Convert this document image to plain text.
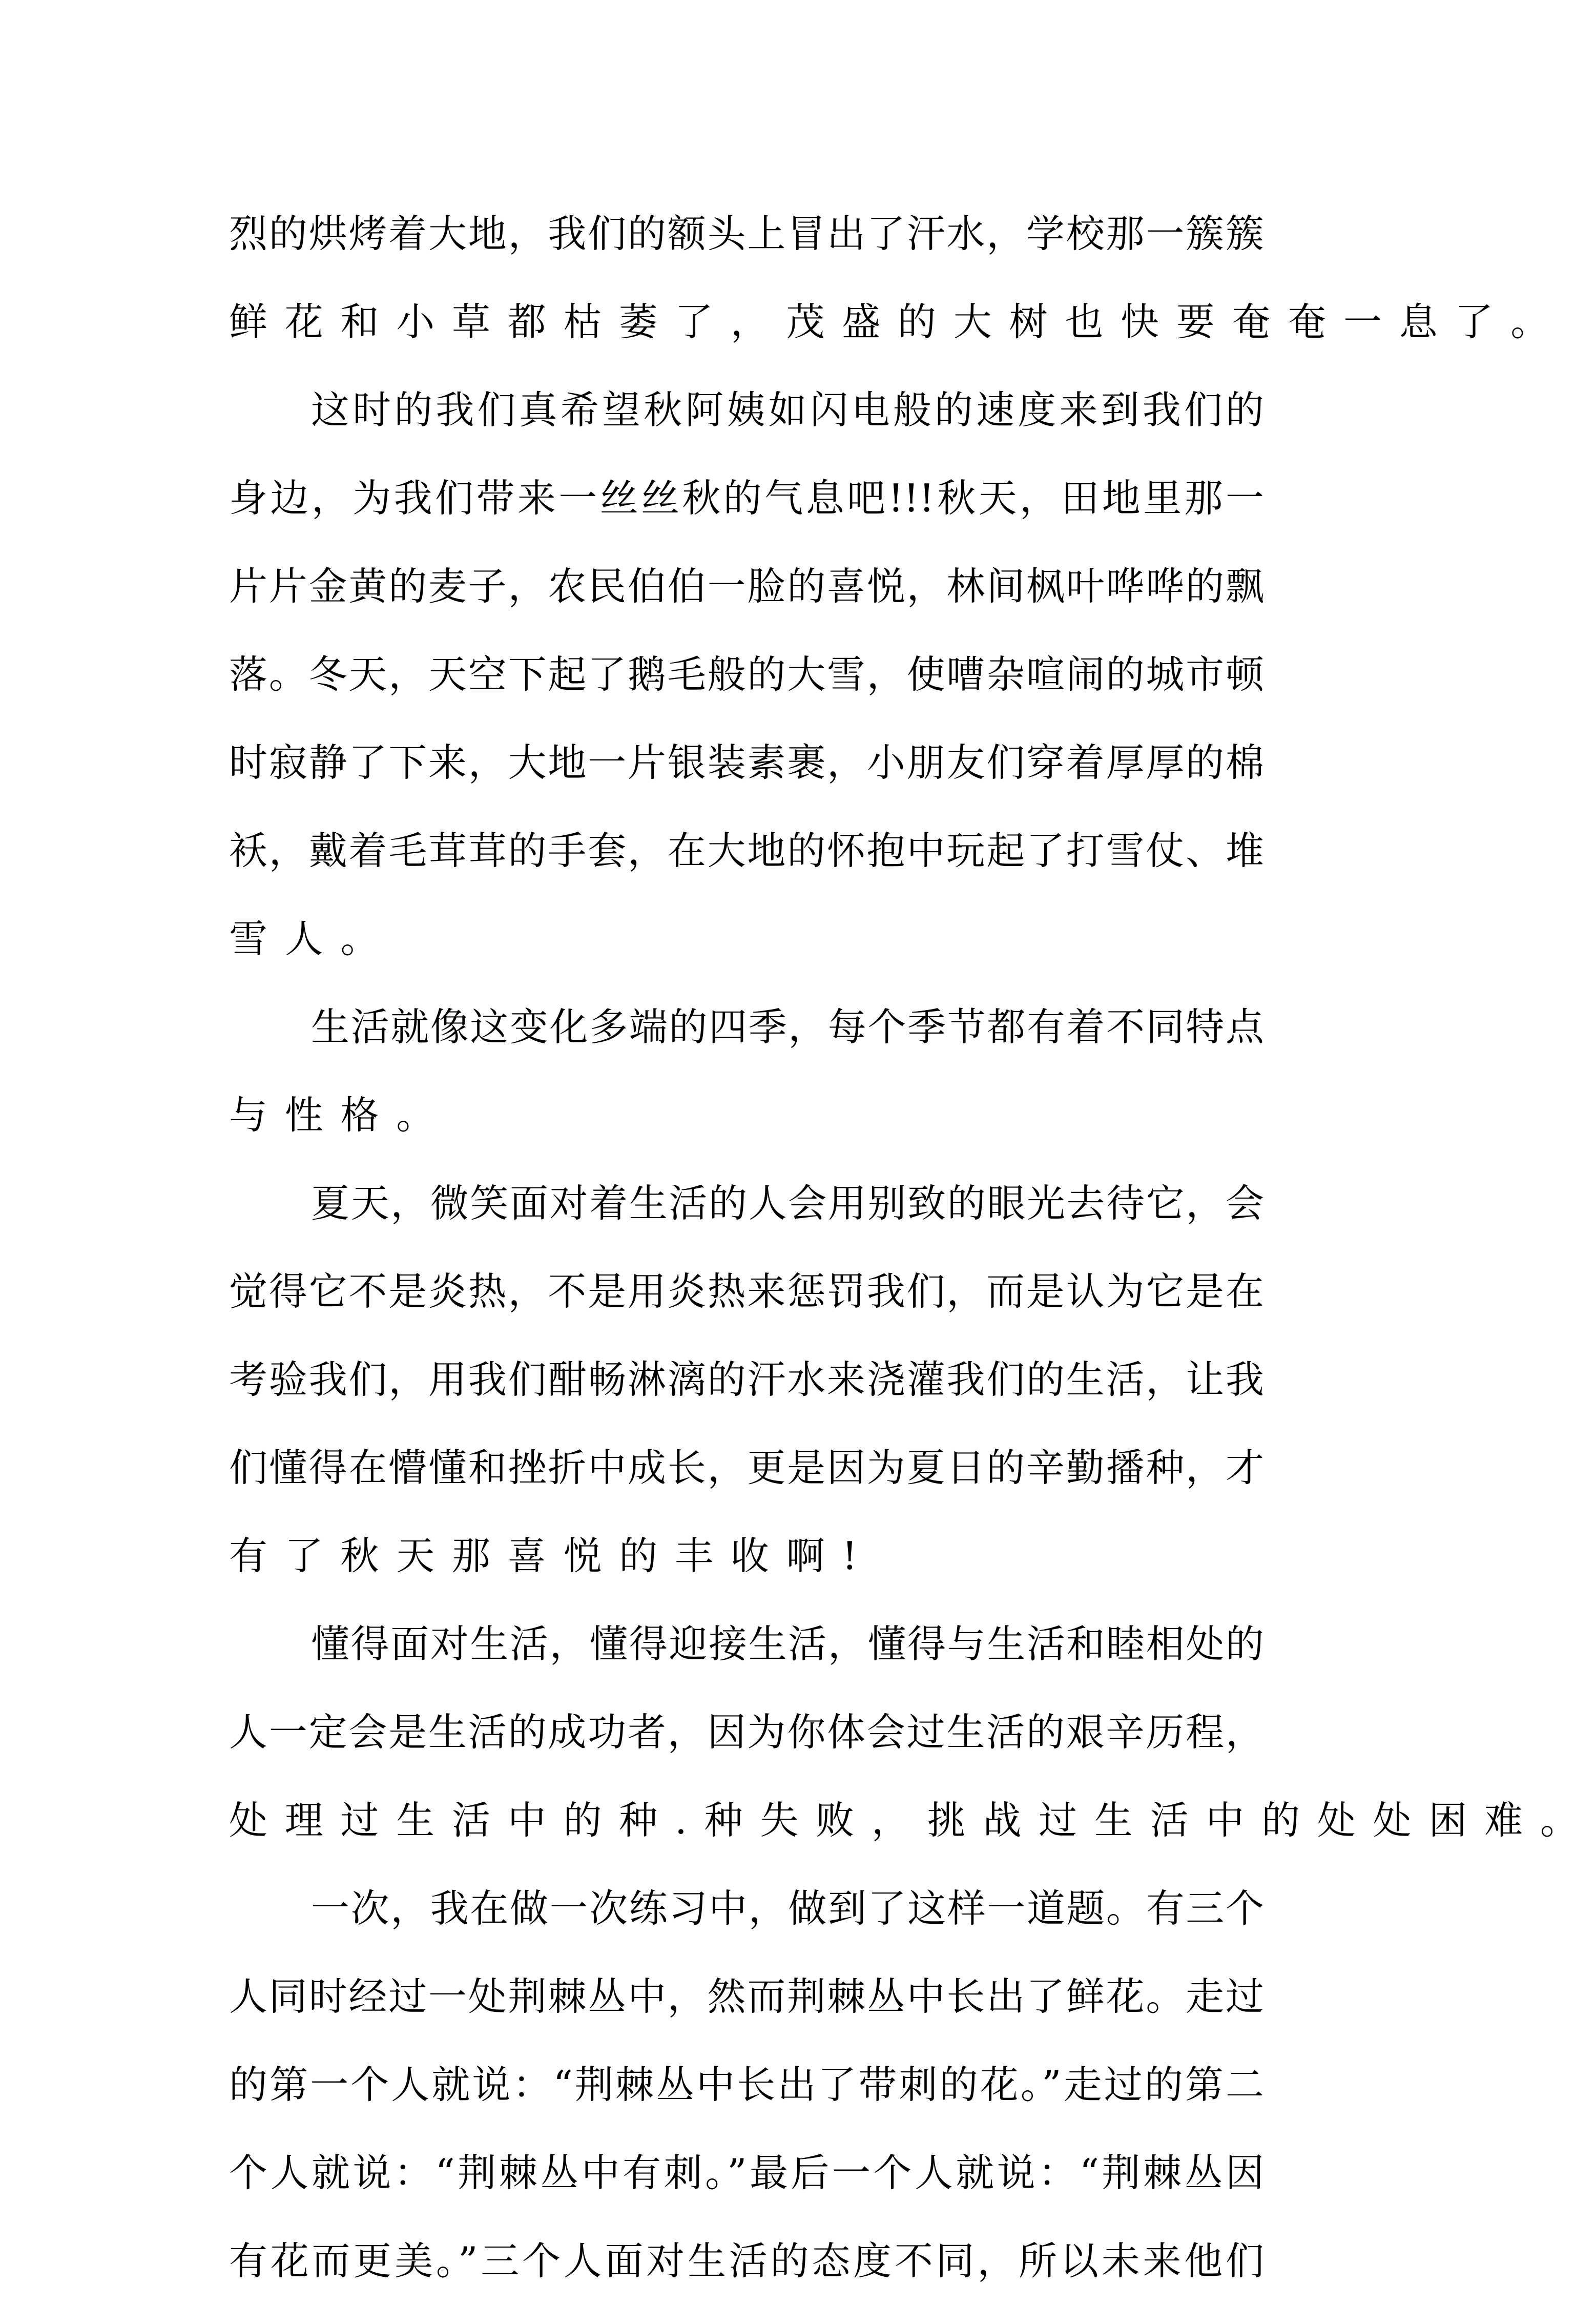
烈的烘烤着大地，我们的额头上冒出了汗水，学校那一簇簇
鲜花和小草都枯萎了，茂盛的大树也快要奄奄一息了。
这时的我们真希望秋阿姨如闪电般的速度来到我们的
身边，为我们带来一丝丝秋的气息吧!!!秋天，田地里那一
片片金黄的麦子，农民伯伯一脸的喜悦，林间枫叶哗哗的飘
落。冬天，天空下起了鹅毛般的大雪，使嘈杂喧闹的城市顿
时寂静了下来，大地一片银装素裹，小朋友们穿着厚厚的棉
袄，戴着毛茸茸的手套，在大地的怀抱中玩起了打雪仗、堆
雪人。
生活就像这变化多端的四季，每个季节都有着不同特点
与性格。
夏天，微笑面对着生活的人会用别致的眼光去待它，会
觉得它不是炎热，不是用炎热来惩罚我们，而是认为它是在
考验我们，用我们酣畅淋漓的汗水来浇灌我们的生活，让我
们懂得在懵懂和挫折中成长，更是因为夏日的辛勤播种，才
有了秋天那喜悦的丰收啊!
懂得面对生活，懂得迎接生活，懂得与生活和睦相处的
人一定会是生活的成功者，因为你体会过生活的艰辛历程，
处理过生活中的种.种失败，挑战过生活中的处处困难。
一次，我在做一次练习中，做到了这样一道题。有三个
人同时经过一处荆棘丛中，然而荆棘丛中长出了鲜花。走过
的第一个人就说：“荆棘丛中长出了带刺的花。”走过的第二
个人就说：“荆棘丛中有刺。”最后一个人就说：“荆棘丛因
有花而更美。”三个人面对生活的态度不同，所以未来他们
